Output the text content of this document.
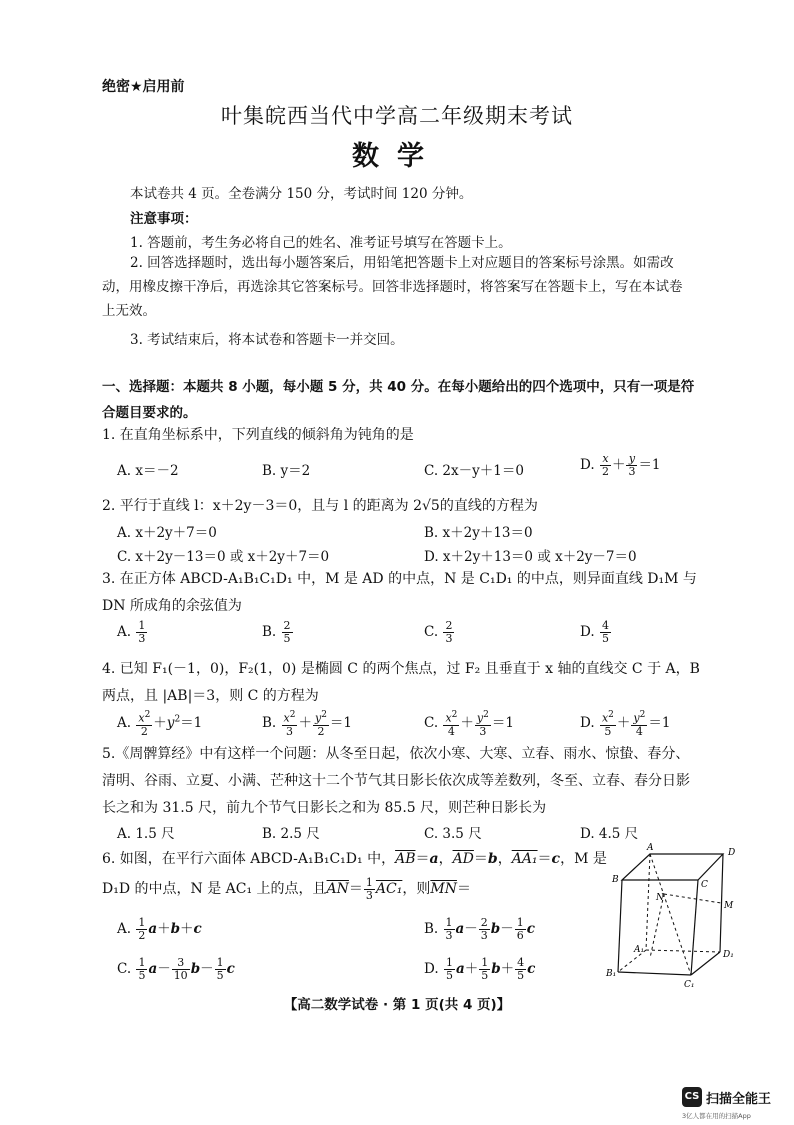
绝密★启用前
叶集皖西当代中学高二年级期末考试
数学
本试卷共 4 页。全卷满分 150 分，考试时间 120 分钟。
注意事项：
1. 答题前，考生务必将自己的姓名、准考证号填写在答题卡上。
2. 回答选择题时，选出每小题答案后，用铅笔把答题卡上对应题目的答案标号涂黑。如需改动，用橡皮擦干净后，再选涂其它答案标号。回答非选择题时，将答案写在答题卡上，写在本试卷上无效。
3. 考试结束后，将本试卷和答题卡一并交回。
一、选择题：本题共 8 小题，每小题 5 分，共 40 分。在每小题给出的四个选项中，只有一项是符合题目要求的。
1. 在直角坐标系中，下列直线的倾斜角为钝角的是
A. x＝－2	B. y＝2	C. 2x－y＋1＝0	D. $\frac{x}{2} + \frac{y}{3} =1$
2. 平行于直线 l：x＋2y－3＝0，且与 l 的距离为 2√5的直线的方程为
A. x＋2y＋7＝0	B. x＋2y＋13＝0
C. x＋2y－13＝0 或 x＋2y＋7＝0	D. x＋2y＋13＝0 或 x＋2y－7＝0
3. 在正方体 ABCD-A₁B₁C₁D₁ 中，M 是 AD 的中点，N 是 C₁D₁ 的中点，则异面直线 D₁M 与 DN 所成角的余弦值为
A. $\frac{1}{3}$	B. $\frac{2}{5}$	C. $\frac{2}{3}$	D. $\frac{4}{5}$
4. 已知 F₁(－1，0)，F₂(1，0) 是椭圆 C 的两个焦点，过 F₂ 且垂直于 x 轴的直线交 C 于 A，B 两点，且 |AB|＝3，则 C 的方程为
A. $\frac{x^2}{2} +y^2=1$	B. $\frac{x^2}{3} + \frac{y^2}{2} =1$	C. $\frac{x^2}{4} + \frac{y^2}{3} =1$	D. $\frac{x^2}{5} + \frac{y^2}{4} =1$
5.《周髀算经》中有这样一个问题：从冬至日起，依次小寒、大寒、立春、雨水、惊蛰、春分、清明、谷雨、立夏、小满、芒种这十二个节气其日影长依次成等差数列，冬至、立春、春分日影长之和为 31.5 尺，前九个节气日影长之和为 85.5 尺，则芒种日影长为
A. 1.5 尺	B. 2.5 尺	C. 3.5 尺	D. 4.5 尺
6. 如图，在平行六面体 ABCD-A₁B₁C₁D₁ 中，$\overline{AB}=a$，$\overline{AD}=b$，AA₁＝c，M 是
D₁D 的中点，N 是 AC₁ 上的点，且$\overline{AN}= \frac{1}{3} AC_1$，则$\overline{MN}=$
A. $\frac{1}{2} a+b+c$	B. $\frac{1}{3} a- \frac{2}{3} b- \frac{1}{6}$ c
C. $\frac{1}{5} a- \frac{3}{10} b- \frac{1}{5}$ c	D. $\frac{1}{5} a+ \frac{1}{5} b+ \frac{4}{5}$ c
A	D
B	C
N
M
A₁	D₁
B₁
C₁
【高二数学试卷 · 第 1 页(共 4 页)】
CS 扫描全能王
3亿人都在用的扫描App
